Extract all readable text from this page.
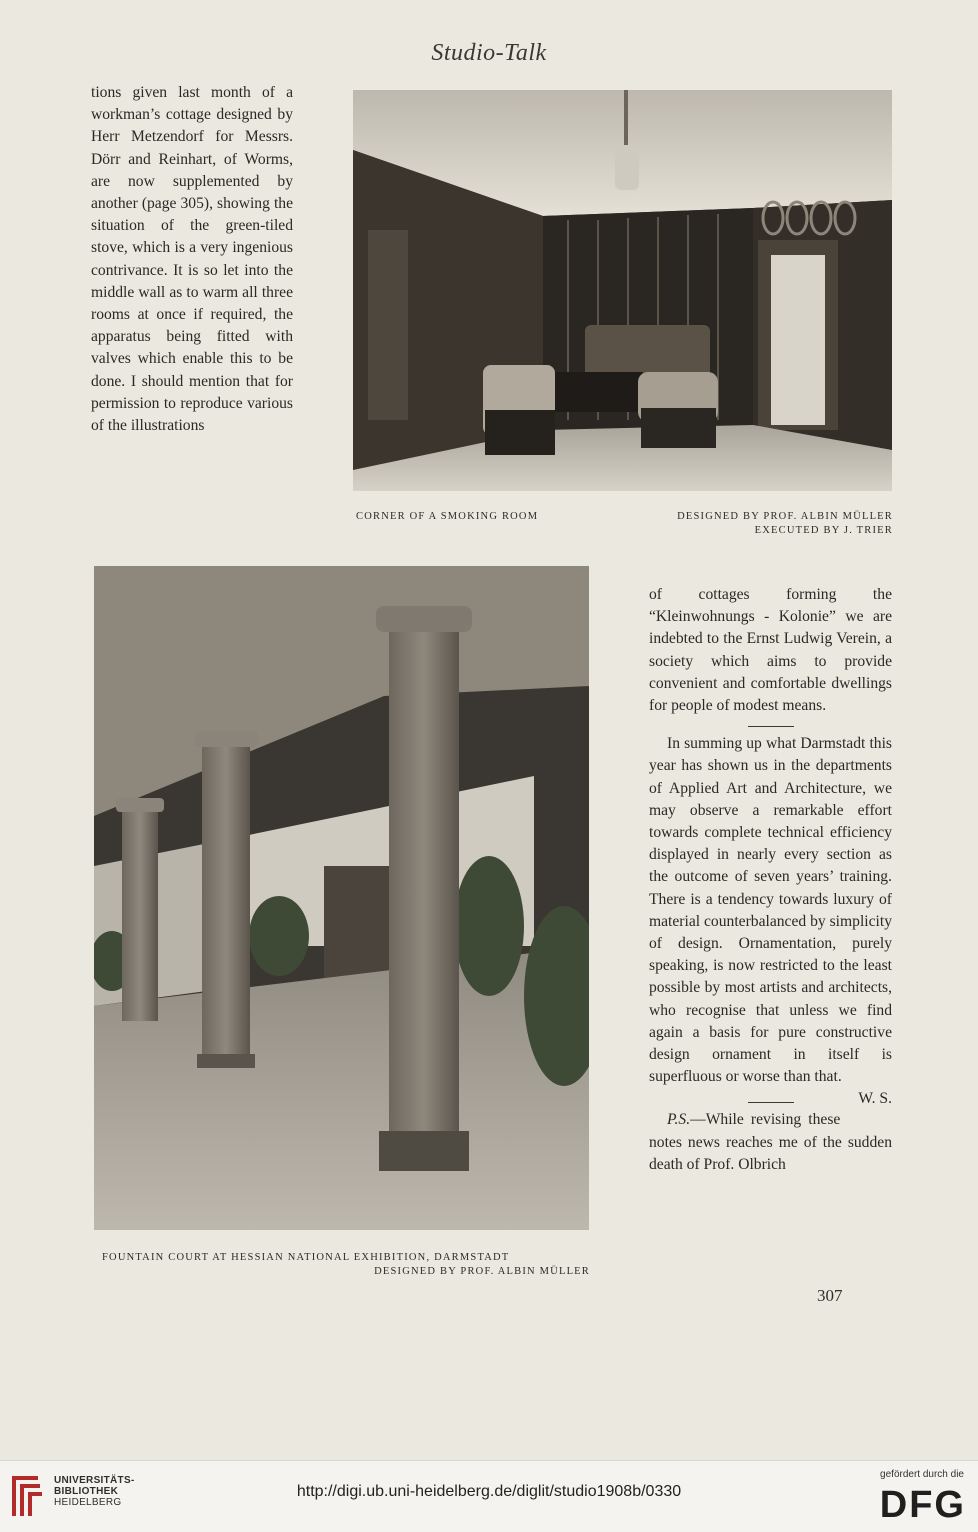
Studio-Talk

tions given last month of a workman’s cottage designed by Herr Metzendorf for Messrs. Dörr and Reinhart, of Worms, are now supplemented by another (page 305), showing the situation of the green-tiled stove, which is a very ingenious contrivance. It is so let into the middle wall as to warm all three rooms at once if required, the apparatus being fitted with valves which enable this to be done. I should mention that for permission to reproduce various of the illustrations

CORNER OF A SMOKING ROOM	DESIGNED BY PROF. ALBIN MÜLLER
EXECUTED BY J. TRIER
FOUNTAIN COURT AT HESSIAN NATIONAL EXHIBITION, DARMSTADT
DESIGNED BY PROF. ALBIN MÜLLER

of cottages forming the “Kleinwohnungs - Kolonie” we are indebted to the Ernst Ludwig Verein, a society which aims to provide convenient and comfortable dwellings for people of modest means.

In summing up what Darmstadt this year has shown us in the departments of Applied Art and Architecture, we may observe a remarkable effort towards complete technical efficiency displayed in nearly every section as the outcome of seven years’ training. There is a tendency towards luxury of material counterbalanced by simplicity of design. Ornamentation, purely speaking, is now restricted to the least possible by most artists and architects, who recognise that unless we find again a basis for pure constructive design ornament in itself is superfluous or worse than that.
W. S.

P.S.—While revising these notes news reaches me of the sudden death of Prof. Olbrich

307
UNIVERSITÄTS-
BIBLIOTHEK
HEIDELBERG
http://digi.ub.uni-heidelberg.de/diglit/studio1908b/0330
gefördert durch die
DFG
